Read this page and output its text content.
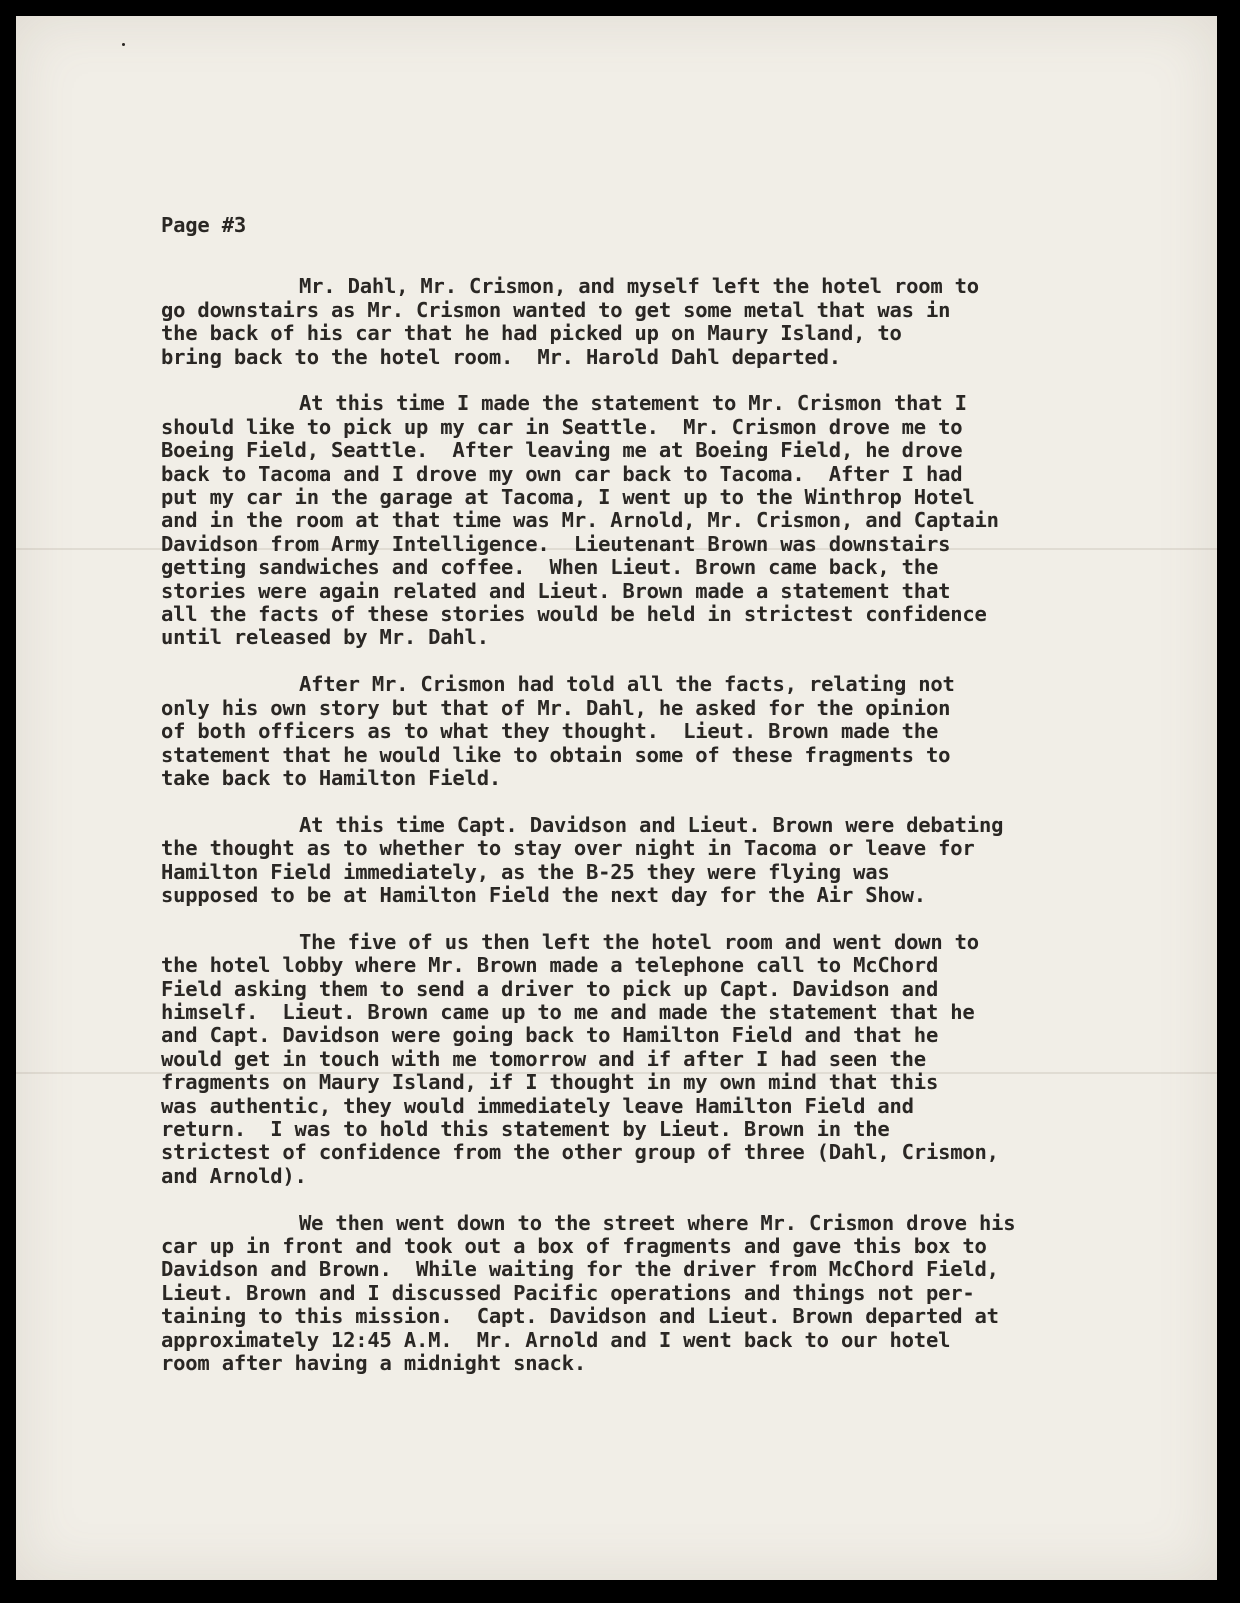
Page #3
Mr. Dahl, Mr. Crismon, and myself left the hotel room to
go downstairs as Mr. Crismon wanted to get some metal that was in
the back of his car that he had picked up on Maury Island, to
bring back to the hotel room.  Mr. Harold Dahl departed.
At this time I made the statement to Mr. Crismon that I
should like to pick up my car in Seattle.  Mr. Crismon drove me to
Boeing Field, Seattle.  After leaving me at Boeing Field, he drove
back to Tacoma and I drove my own car back to Tacoma.  After I had
put my car in the garage at Tacoma, I went up to the Winthrop Hotel
and in the room at that time was Mr. Arnold, Mr. Crismon, and Captain
Davidson from Army Intelligence.  Lieutenant Brown was downstairs
getting sandwiches and coffee.  When Lieut. Brown came back, the
stories were again related and Lieut. Brown made a statement that
all the facts of these stories would be held in strictest confidence
until released by Mr. Dahl.
After Mr. Crismon had told all the facts, relating not
only his own story but that of Mr. Dahl, he asked for the opinion
of both officers as to what they thought.  Lieut. Brown made the
statement that he would like to obtain some of these fragments to
take back to Hamilton Field.
At this time Capt. Davidson and Lieut. Brown were debating
the thought as to whether to stay over night in Tacoma or leave for
Hamilton Field immediately, as the B-25 they were flying was
supposed to be at Hamilton Field the next day for the Air Show.
The five of us then left the hotel room and went down to
the hotel lobby where Mr. Brown made a telephone call to McChord
Field asking them to send a driver to pick up Capt. Davidson and
himself.  Lieut. Brown came up to me and made the statement that he
and Capt. Davidson were going back to Hamilton Field and that he
would get in touch with me tomorrow and if after I had seen the
fragments on Maury Island, if I thought in my own mind that this
was authentic, they would immediately leave Hamilton Field and
return.  I was to hold this statement by Lieut. Brown in the
strictest of confidence from the other group of three (Dahl, Crismon,
and Arnold).
We then went down to the street where Mr. Crismon drove his
car up in front and took out a box of fragments and gave this box to
Davidson and Brown.  While waiting for the driver from McChord Field,
Lieut. Brown and I discussed Pacific operations and things not per-
taining to this mission.  Capt. Davidson and Lieut. Brown departed at
approximately 12:45 A.M.  Mr. Arnold and I went back to our hotel
room after having a midnight snack.
